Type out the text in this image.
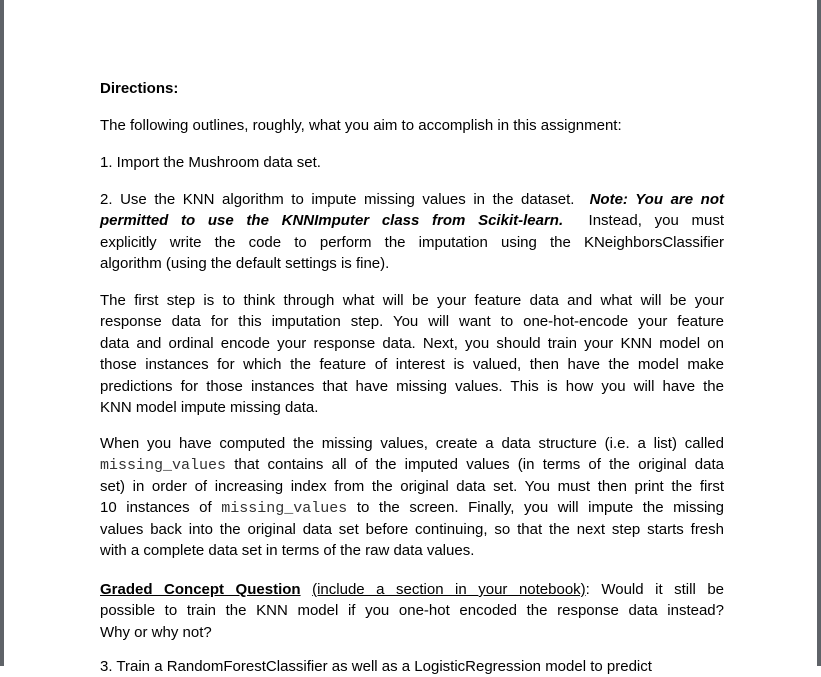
Directions:
The following outlines, roughly, what you aim to accomplish in this assignment:
1. Import the Mushroom data set.
2. Use the KNN algorithm to impute missing values in the dataset. Note: You are not
permitted to use the KNNImputer class from Scikit-learn. Instead, you must
explicitly write the code to perform the imputation using the KNeighborsClassifier
algorithm (using the default settings is fine).
The first step is to think through what will be your feature data and what will be your
response data for this imputation step. You will want to one-hot-encode your feature
data and ordinal encode your response data. Next, you should train your KNN model on
those instances for which the feature of interest is valued, then have the model make
predictions for those instances that have missing values. This is how you will have the
KNN model impute missing data.
When you have computed the missing values, create a data structure (i.e. a list) called
missing_values that contains all of the imputed values (in terms of the original data
set) in order of increasing index from the original data set. You must then print the first
10 instances of missing_values to the screen. Finally, you will impute the missing
values back into the original data set before continuing, so that the next step starts fresh
with a complete data set in terms of the raw data values.
Graded Concept Question (include a section in your notebook): Would it still be
possible to train the KNN model if you one-hot encoded the response data instead?
Why or why not?
3. Train a RandomForestClassifier as well as a LogisticRegression model to predict
